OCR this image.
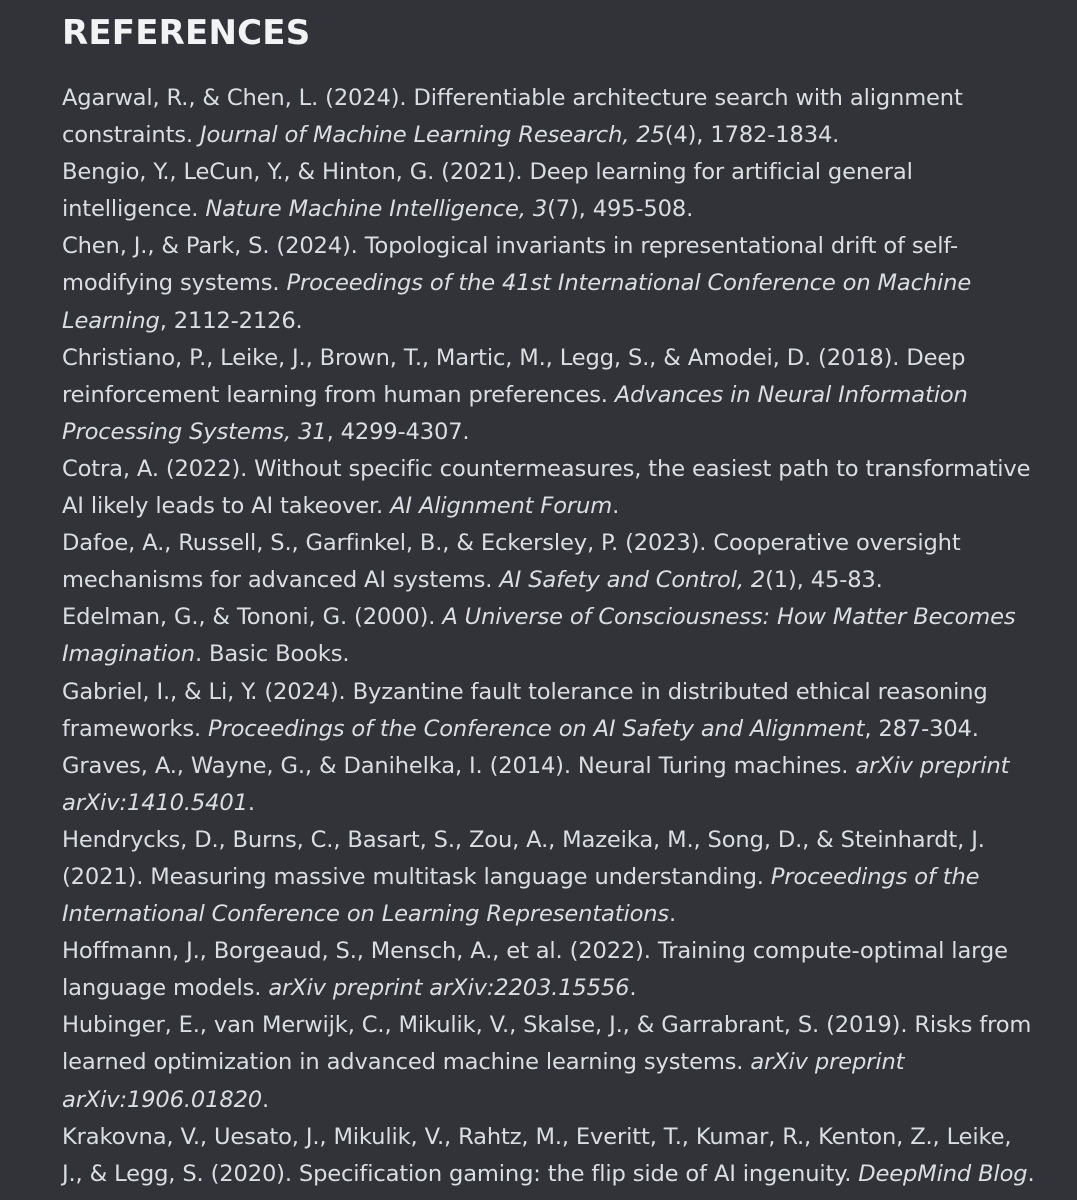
REFERENCES

Agarwal, R., & Chen, L. (2024). Differentiable architecture search with alignment constraints. Journal of Machine Learning Research, 25(4), 1782-1834.

Bengio, Y., LeCun, Y., & Hinton, G. (2021). Deep learning for artificial general intelligence. Nature Machine Intelligence, 3(7), 495-508.

Chen, J., & Park, S. (2024). Topological invariants in representational drift of self-modifying systems. Proceedings of the 41st International Conference on Machine Learning, 2112-2126.

Christiano, P., Leike, J., Brown, T., Martic, M., Legg, S., & Amodei, D. (2018). Deep reinforcement learning from human preferences. Advances in Neural Information Processing Systems, 31, 4299-4307.

Cotra, A. (2022). Without specific countermeasures, the easiest path to transformative AI likely leads to AI takeover. AI Alignment Forum.

Dafoe, A., Russell, S., Garfinkel, B., & Eckersley, P. (2023). Cooperative oversight mechanisms for advanced AI systems. AI Safety and Control, 2(1), 45-83.

Edelman, G., & Tononi, G. (2000). A Universe of Consciousness: How Matter Becomes Imagination. Basic Books.

Gabriel, I., & Li, Y. (2024). Byzantine fault tolerance in distributed ethical reasoning frameworks. Proceedings of the Conference on AI Safety and Alignment, 287-304.

Graves, A., Wayne, G., & Danihelka, I. (2014). Neural Turing machines. arXiv preprint arXiv:1410.5401.

Hendrycks, D., Burns, C., Basart, S., Zou, A., Mazeika, M., Song, D., & Steinhardt, J. (2021). Measuring massive multitask language understanding. Proceedings of the International Conference on Learning Representations.

Hoffmann, J., Borgeaud, S., Mensch, A., et al. (2022). Training compute-optimal large language models. arXiv preprint arXiv:2203.15556.

Hubinger, E., van Merwijk, C., Mikulik, V., Skalse, J., & Garrabrant, S. (2019). Risks from learned optimization in advanced machine learning systems. arXiv preprint arXiv:1906.01820.

Krakovna, V., Uesato, J., Mikulik, V., Rahtz, M., Everitt, T., Kumar, R., Kenton, Z., Leike, J., & Legg, S. (2020). Specification gaming: the flip side of AI ingenuity. DeepMind Blog.
